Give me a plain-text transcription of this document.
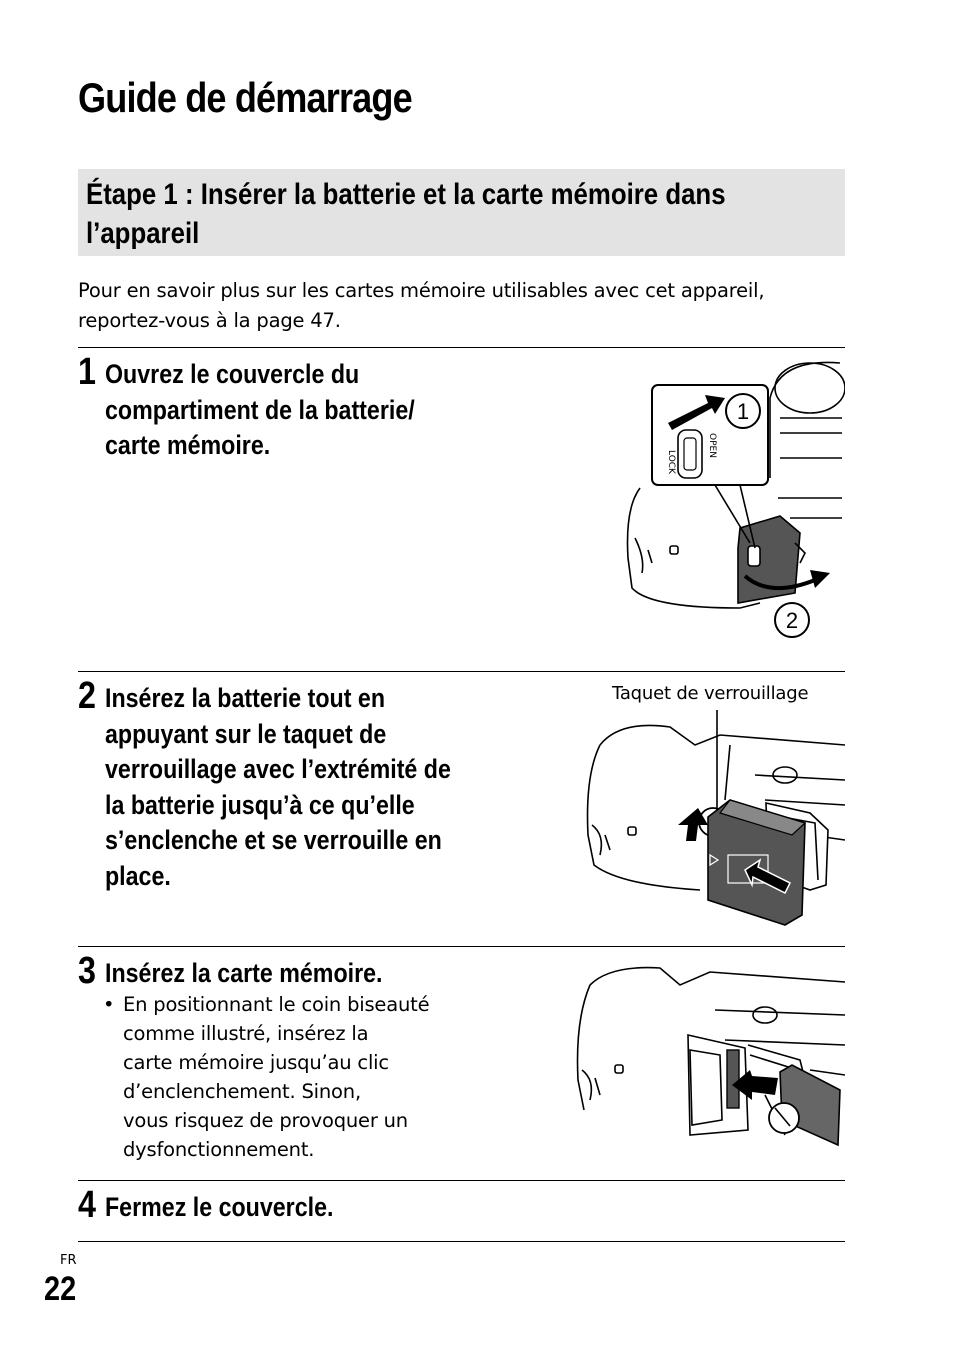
Guide de démarrage
Étape 1 : Insérer la batterie et la carte mémoire dans l’appareil

Pour en savoir plus sur les cartes mémoire utilisables avec cet appareil, reportez-vous à la page 47.

1 Ouvrez le couvercle du compartiment de la batterie/ carte mémoire.

1
2
OPEN
LOCK
2 Insérez la batterie tout en appuyant sur le taquet de verrouillage avec l’extrémité de la batterie jusqu’à ce qu’elle s’enclenche et se verrouille en place.

Taquet de verrouillage
3 Insérez la carte mémoire.

• En positionnant le coin biseauté
comme illustré, insérez la
carte mémoire jusqu’au clic
d’enclenchement. Sinon,
vous risquez de provoquer un
dysfonctionnement.
4 Fermez le couvercle.

FR
22
